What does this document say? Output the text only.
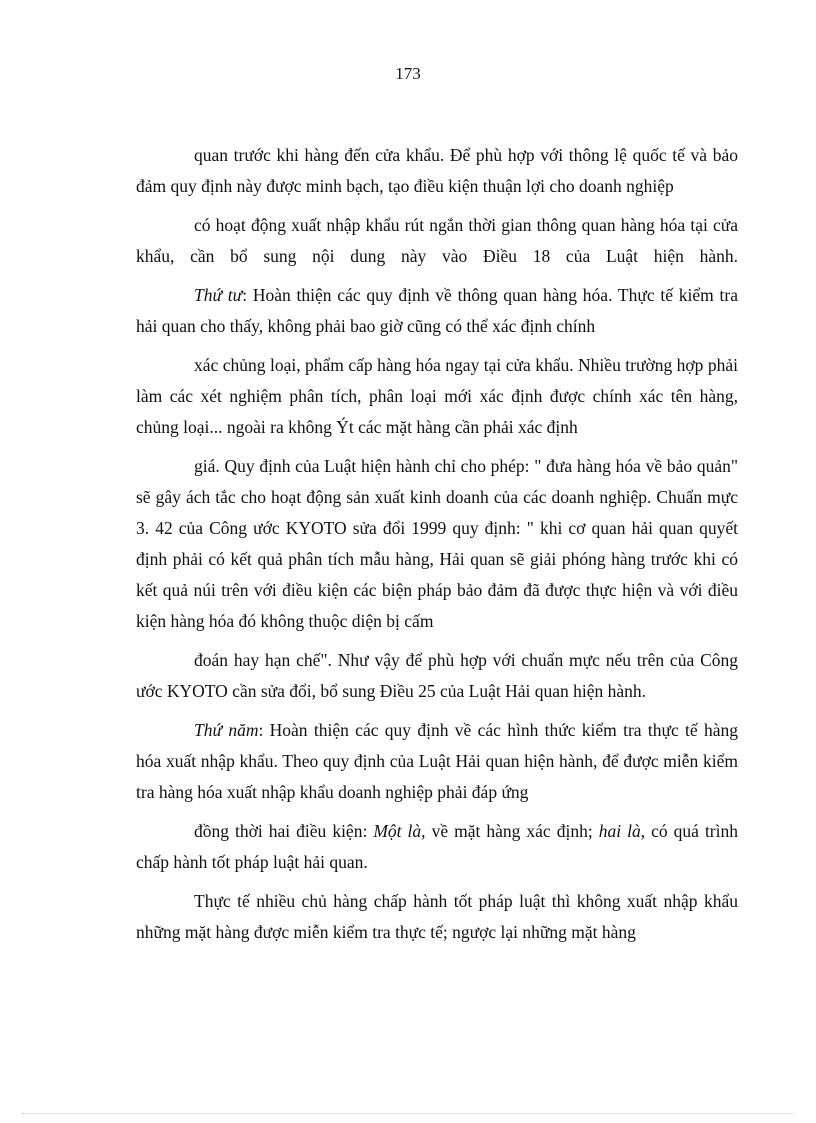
173

quan trước khi hàng đến cửa khẩu. Để phù hợp với thông lệ quốc tế và bảo đảm quy định này được minh bạch, tạo điều kiện thuận lợi cho doanh nghiệp

có hoạt động xuất nhập khẩu rút ngắn thời gian thông quan hàng hóa tại cửa khẩu, cần bổ sung nội dung này vào Điều 18 của Luật hiện hành.

Thứ tư: Hoàn thiện các quy định về thông quan hàng hóa. Thực tế kiểm tra hải quan cho thấy, không phải bao giờ cũng có thể xác định chính

xác chủng loại, phẩm cấp hàng hóa ngay tại cửa khẩu. Nhiều trường hợp phải làm các xét nghiệm phân tích, phân loại mới xác định được chính xác tên hàng, chủng loại... ngoài ra không Ýt các mặt hàng cần phải xác định

giá. Quy định của Luật hiện hành chỉ cho phép: " đưa hàng hóa về bảo quản" sẽ gây ách tắc cho hoạt động sản xuất kinh doanh của các doanh nghiệp. Chuẩn mực 3. 42 của Công ước KYOTO sửa đổi 1999 quy định: " khi cơ quan hải quan quyết định phải có kết quả phân tích mẫu hàng, Hải quan sẽ giải phóng hàng trước khi có kết quả núi trên với điều kiện các biện pháp bảo đảm đã được thực hiện và với điều kiện hàng hóa đó không thuộc diện bị cấm

đoán hay hạn chế". Như vậy để phù hợp với chuẩn mực nếu trên của Công ước KYOTO cần sửa đổi, bổ sung Điều 25 của Luật Hải quan hiện hành.

Thứ năm: Hoàn thiện các quy định về các hình thức kiểm tra thực tế hàng hóa xuất nhập khẩu. Theo quy định của Luật Hải quan hiện hành, để được miễn kiểm tra hàng hóa xuất nhập khẩu doanh nghiệp phải đáp ứng

đồng thời hai điều kiện: Một là, về mặt hàng xác định; hai là, có quá trình chấp hành tốt pháp luật hải quan.

Thực tế nhiều chủ hàng chấp hành tốt pháp luật thì không xuất nhập khẩu những mặt hàng được miễn kiểm tra thực tế; ngược lại những mặt hàng
